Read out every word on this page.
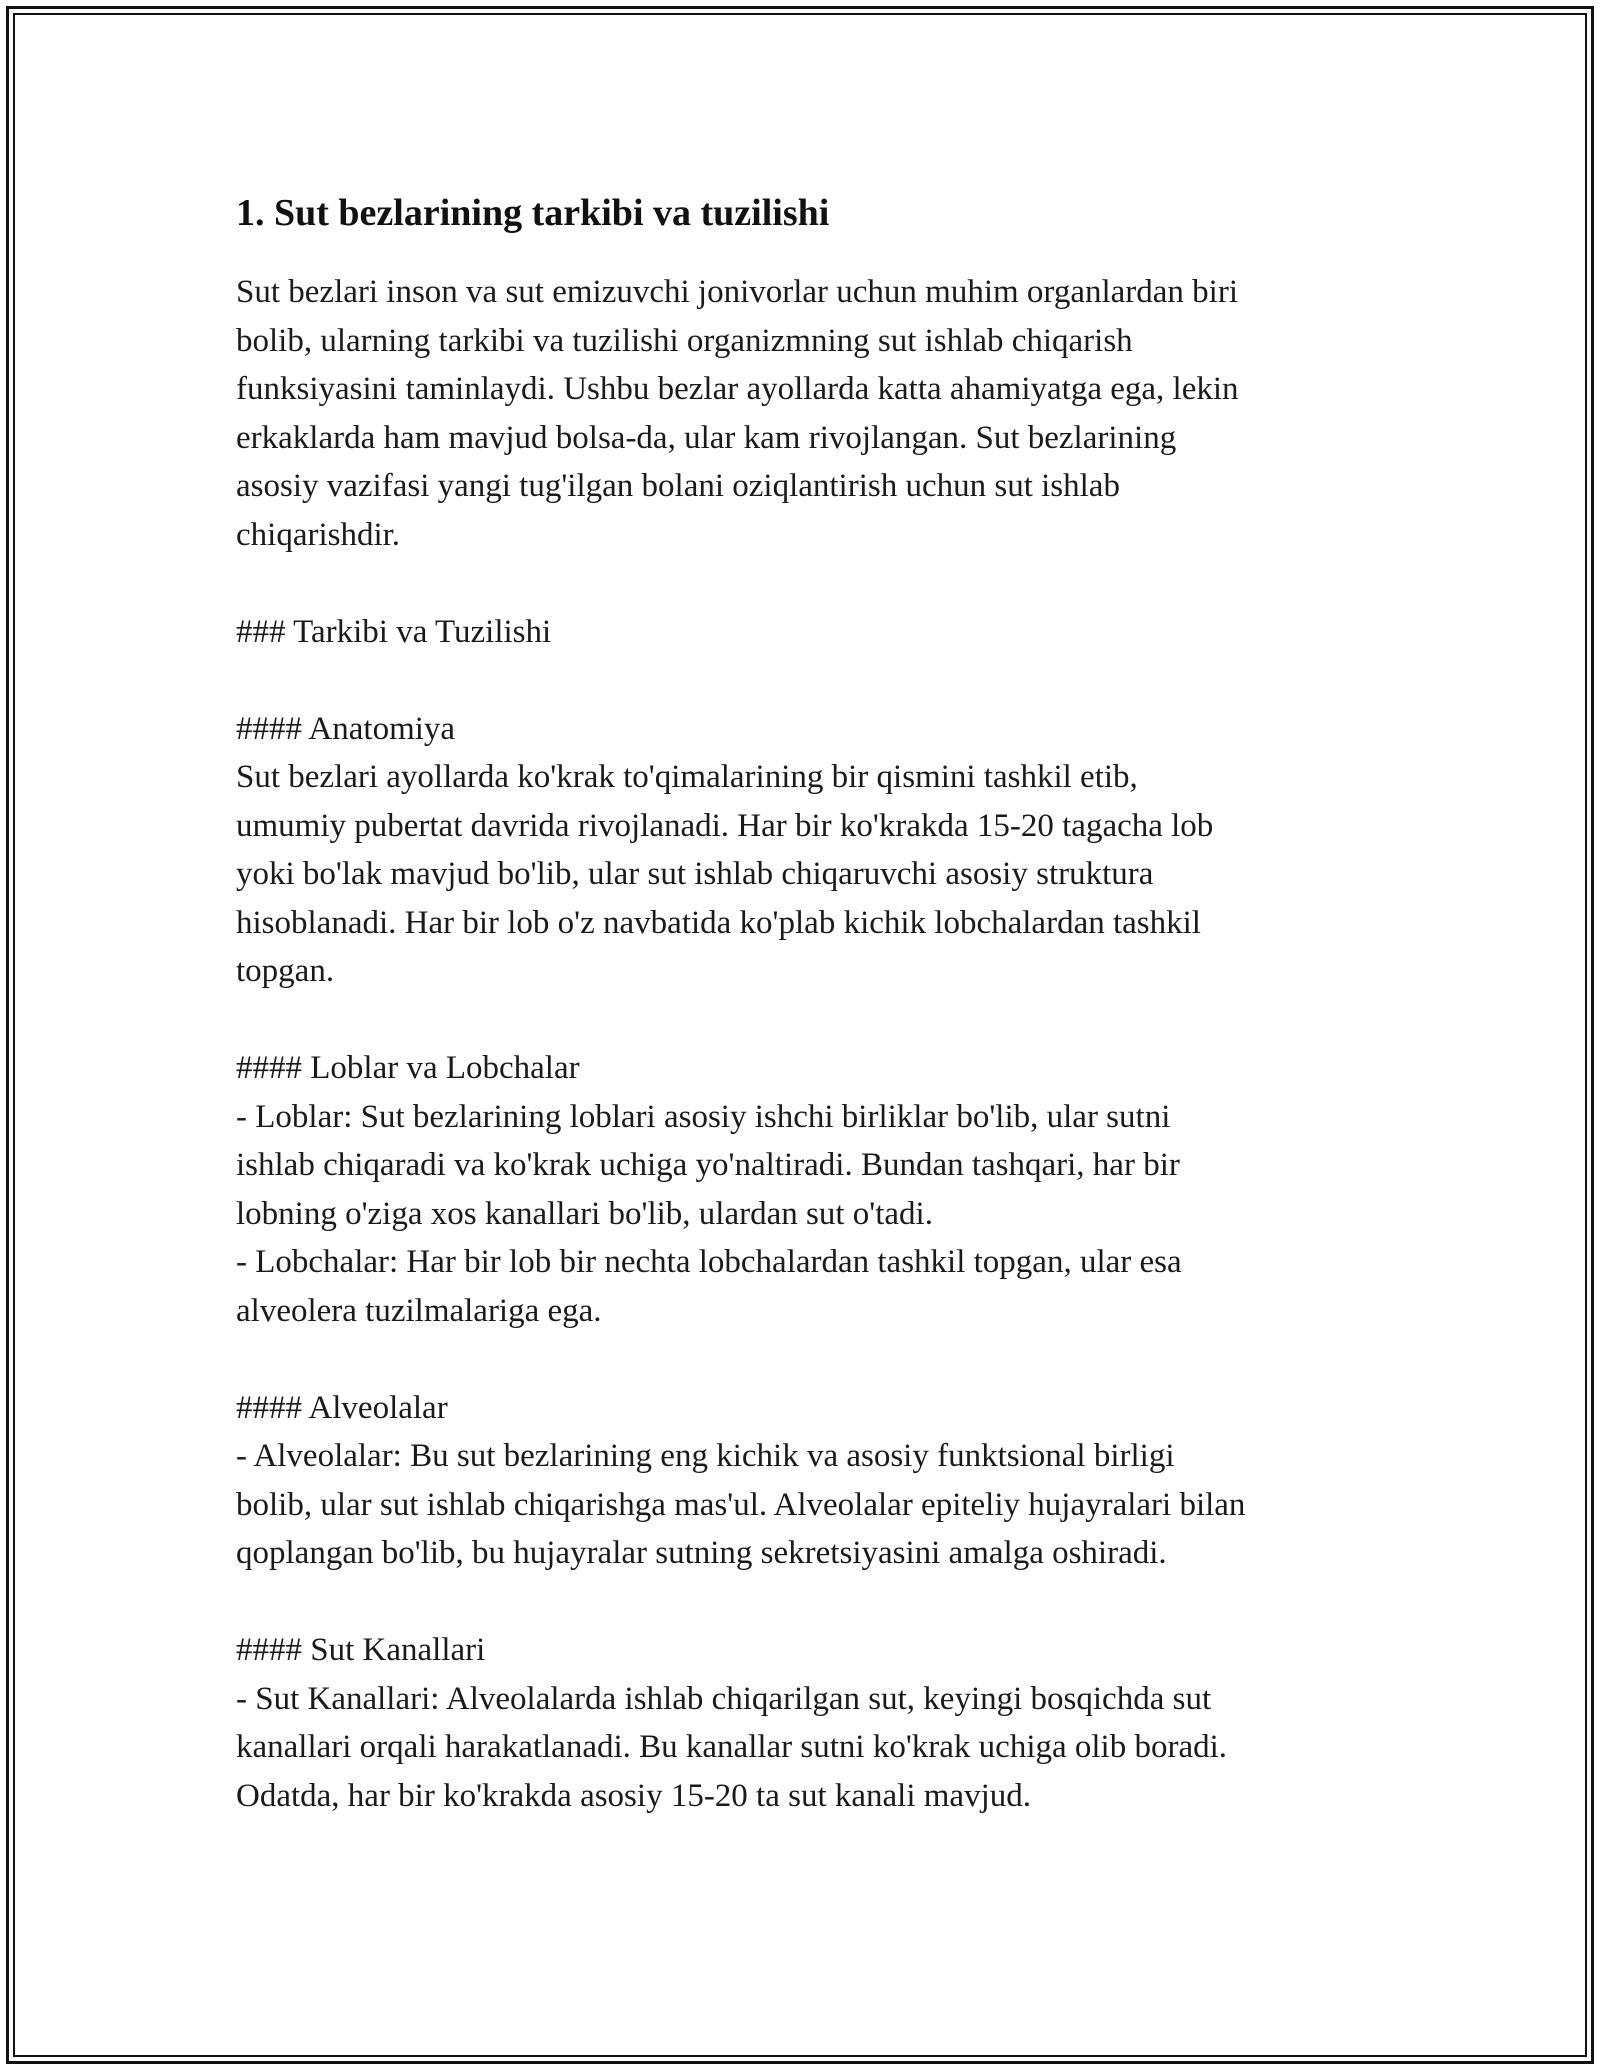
1. Sut bezlarining tarkibi va tuzilishi
Sut bezlari inson va sut emizuvchi jonivorlar uchun muhim organlardan biri
bolib, ularning tarkibi va tuzilishi organizmning sut ishlab chiqarish
funksiyasini taminlaydi. Ushbu bezlar ayollarda katta ahamiyatga ega, lekin
erkaklarda ham mavjud bolsa-da, ular kam rivojlangan. Sut bezlarining
asosiy vazifasi yangi tug'ilgan bolani oziqlantirish uchun sut ishlab
chiqarishdir.
### Tarkibi va Tuzilishi
#### Anatomiya
Sut bezlari ayollarda ko'krak to'qimalarining bir qismini tashkil etib,
umumiy pubertat davrida rivojlanadi. Har bir ko'krakda 15-20 tagacha lob
yoki bo'lak mavjud bo'lib, ular sut ishlab chiqaruvchi asosiy struktura
hisoblanadi. Har bir lob o'z navbatida ko'plab kichik lobchalardan tashkil
topgan.
#### Loblar va Lobchalar
- Loblar: Sut bezlarining loblari asosiy ishchi birliklar bo'lib, ular sutni
ishlab chiqaradi va ko'krak uchiga yo'naltiradi. Bundan tashqari, har bir
lobning o'ziga xos kanallari bo'lib, ulardan sut o'tadi.
- Lobchalar: Har bir lob bir nechta lobchalardan tashkil topgan, ular esa
alveolera tuzilmalariga ega.
#### Alveolalar
- Alveolalar: Bu sut bezlarining eng kichik va asosiy funktsional birligi
bolib, ular sut ishlab chiqarishga mas'ul. Alveolalar epiteliy hujayralari bilan
qoplangan bo'lib, bu hujayralar sutning sekretsiyasini amalga oshiradi.
#### Sut Kanallari
- Sut Kanallari: Alveolalarda ishlab chiqarilgan sut, keyingi bosqichda sut
kanallari orqali harakatlanadi. Bu kanallar sutni ko'krak uchiga olib boradi.
Odatda, har bir ko'krakda asosiy 15-20 ta sut kanali mavjud.
